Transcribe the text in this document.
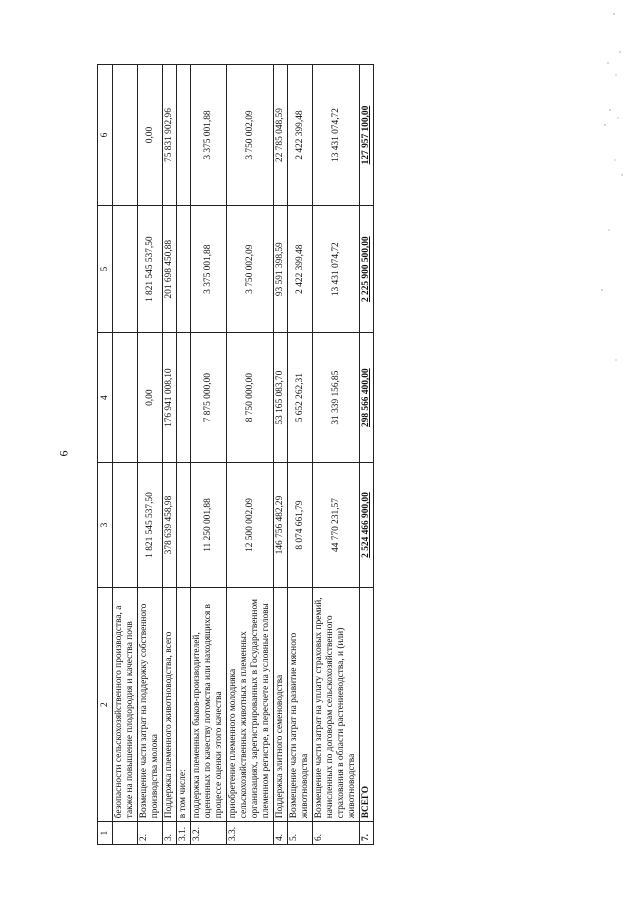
6
1	2	3	4	5	6
	безопасности сельскохозяйственного производства, а также на повышение плодородия и качества почв				
2.	Возмещение части затрат на поддержку собственного производства молока	1 821 545 537,50	0,00	1 821 545 537,50	0,00
3.	Поддержка племенного животноводства, всего	378 639 458,98	176 941 008,10	201 698 450,88	75 831 902,96
3.1.	в том числе:				
3.2.	поддержка племенных быков-производителей, оцененных по качеству потомства или находящихся в процессе оценки этого качества	11 250 001,88	7 875 000,00	3 375 001,88	3 375 001,88
3.3.	приобретение племенного молодняка сельскохозяйственных животных в племенных организациях, зарегистрированных в Государственном племенном регистре, в пересчете на условные головы	12 500 002,09	8 750 000,00	3 750 002,09	3 750 002,09
4.	Поддержка элитного семеноводства	146 756 482,29	53 165 083,70	93 591 398,59	22 785 048,59
5.	Возмещение части затрат на развитие мясного животноводства	8 074 661,79	5 652 262,31	2 422 399,48	2 422 399,48
6.	Возмещение части затрат на уплату страховых премий, начисленных по договорам сельскохозяйственного страхования в области растениеводства, и (или) животноводства	44 770 231,57	31 339 156,85	13 431 074,72	13 431 074,72
7.	ВСЕГО	2 524 466 900,00	298 566 400,00	2 225 900 500,00	127 957 100,00
